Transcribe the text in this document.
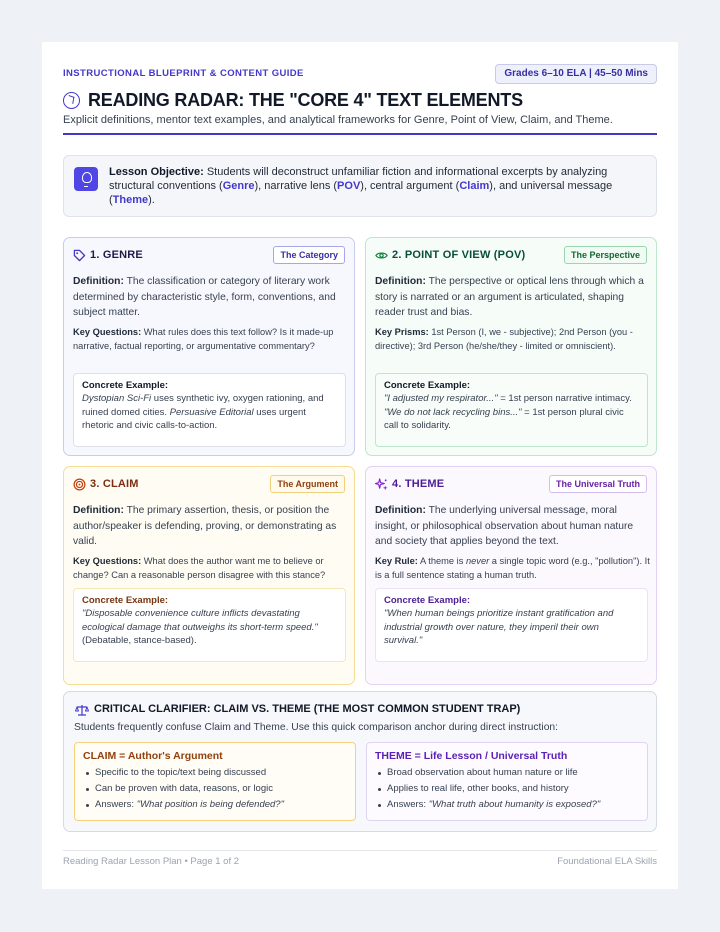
INSTRUCTIONAL BLUEPRINT & CONTENT GUIDE	Grades 6–10 ELA | 45–50 Mins
READING RADAR: THE "CORE 4" TEXT ELEMENTS
Explicit definitions, mentor text examples, and analytical frameworks for Genre, Point of View, Claim, and Theme.

Lesson Objective: Students will deconstruct unfamiliar fiction and informational excerpts by analyzing structural conventions (Genre), narrative lens (POV), central argument (Claim), and universal message (Theme).

1. GENRE	The Category

Definition: The classification or category of literary work determined by characteristic style, form, conventions, and subject matter.

Key Questions: What rules does this text follow? Is it made-up narrative, factual reporting, or argumentative commentary?

Concrete Example:

Dystopian Sci-Fi uses synthetic ivy, oxygen rationing, and ruined domed cities. Persuasive Editorial uses urgent rhetoric and civic calls-to-action.

2. POINT OF VIEW (POV)	The Perspective

Definition: The perspective or optical lens through which a story is narrated or an argument is articulated, shaping reader trust and bias.

Key Prisms: 1st Person (I, we - subjective); 2nd Person (you - directive); 3rd Person (he/she/they - limited or omniscient).

Concrete Example:

"I adjusted my respirator..." = 1st person narrative intimacy. "We do not lack recycling bins..." = 1st person plural civic call to solidarity.

3. CLAIM	The Argument

Definition: The primary assertion, thesis, or position the author/speaker is defending, proving, or demonstrating as valid.

Key Questions: What does the author want me to believe or change? Can a reasonable person disagree with this stance?

Concrete Example:

"Disposable convenience culture inflicts devastating ecological damage that outweighs its short-term speed." (Debatable, stance-based).

4. THEME	The Universal Truth

Definition: The underlying universal message, moral insight, or philosophical observation about human nature and society that applies beyond the text.

Key Rule: A theme is never a single topic word (e.g., "pollution"). It is a full sentence stating a human truth.

Concrete Example:

"When human beings prioritize instant gratification and industrial growth over nature, they imperil their own survival."

CRITICAL CLARIFIER: CLAIM VS. THEME (THE MOST COMMON STUDENT TRAP)
Students frequently confuse Claim and Theme. Use this quick comparison anchor during direct instruction:
CLAIM = Author's Argument
Specific to the topic/text being discussed
Can be proven with data, reasons, or logic
Answers: "What position is being defended?"
THEME = Life Lesson / Universal Truth
Broad observation about human nature or life
Applies to real life, other books, and history
Answers: "What truth about humanity is exposed?"
Reading Radar Lesson Plan • Page 1 of 2	Foundational ELA Skills
